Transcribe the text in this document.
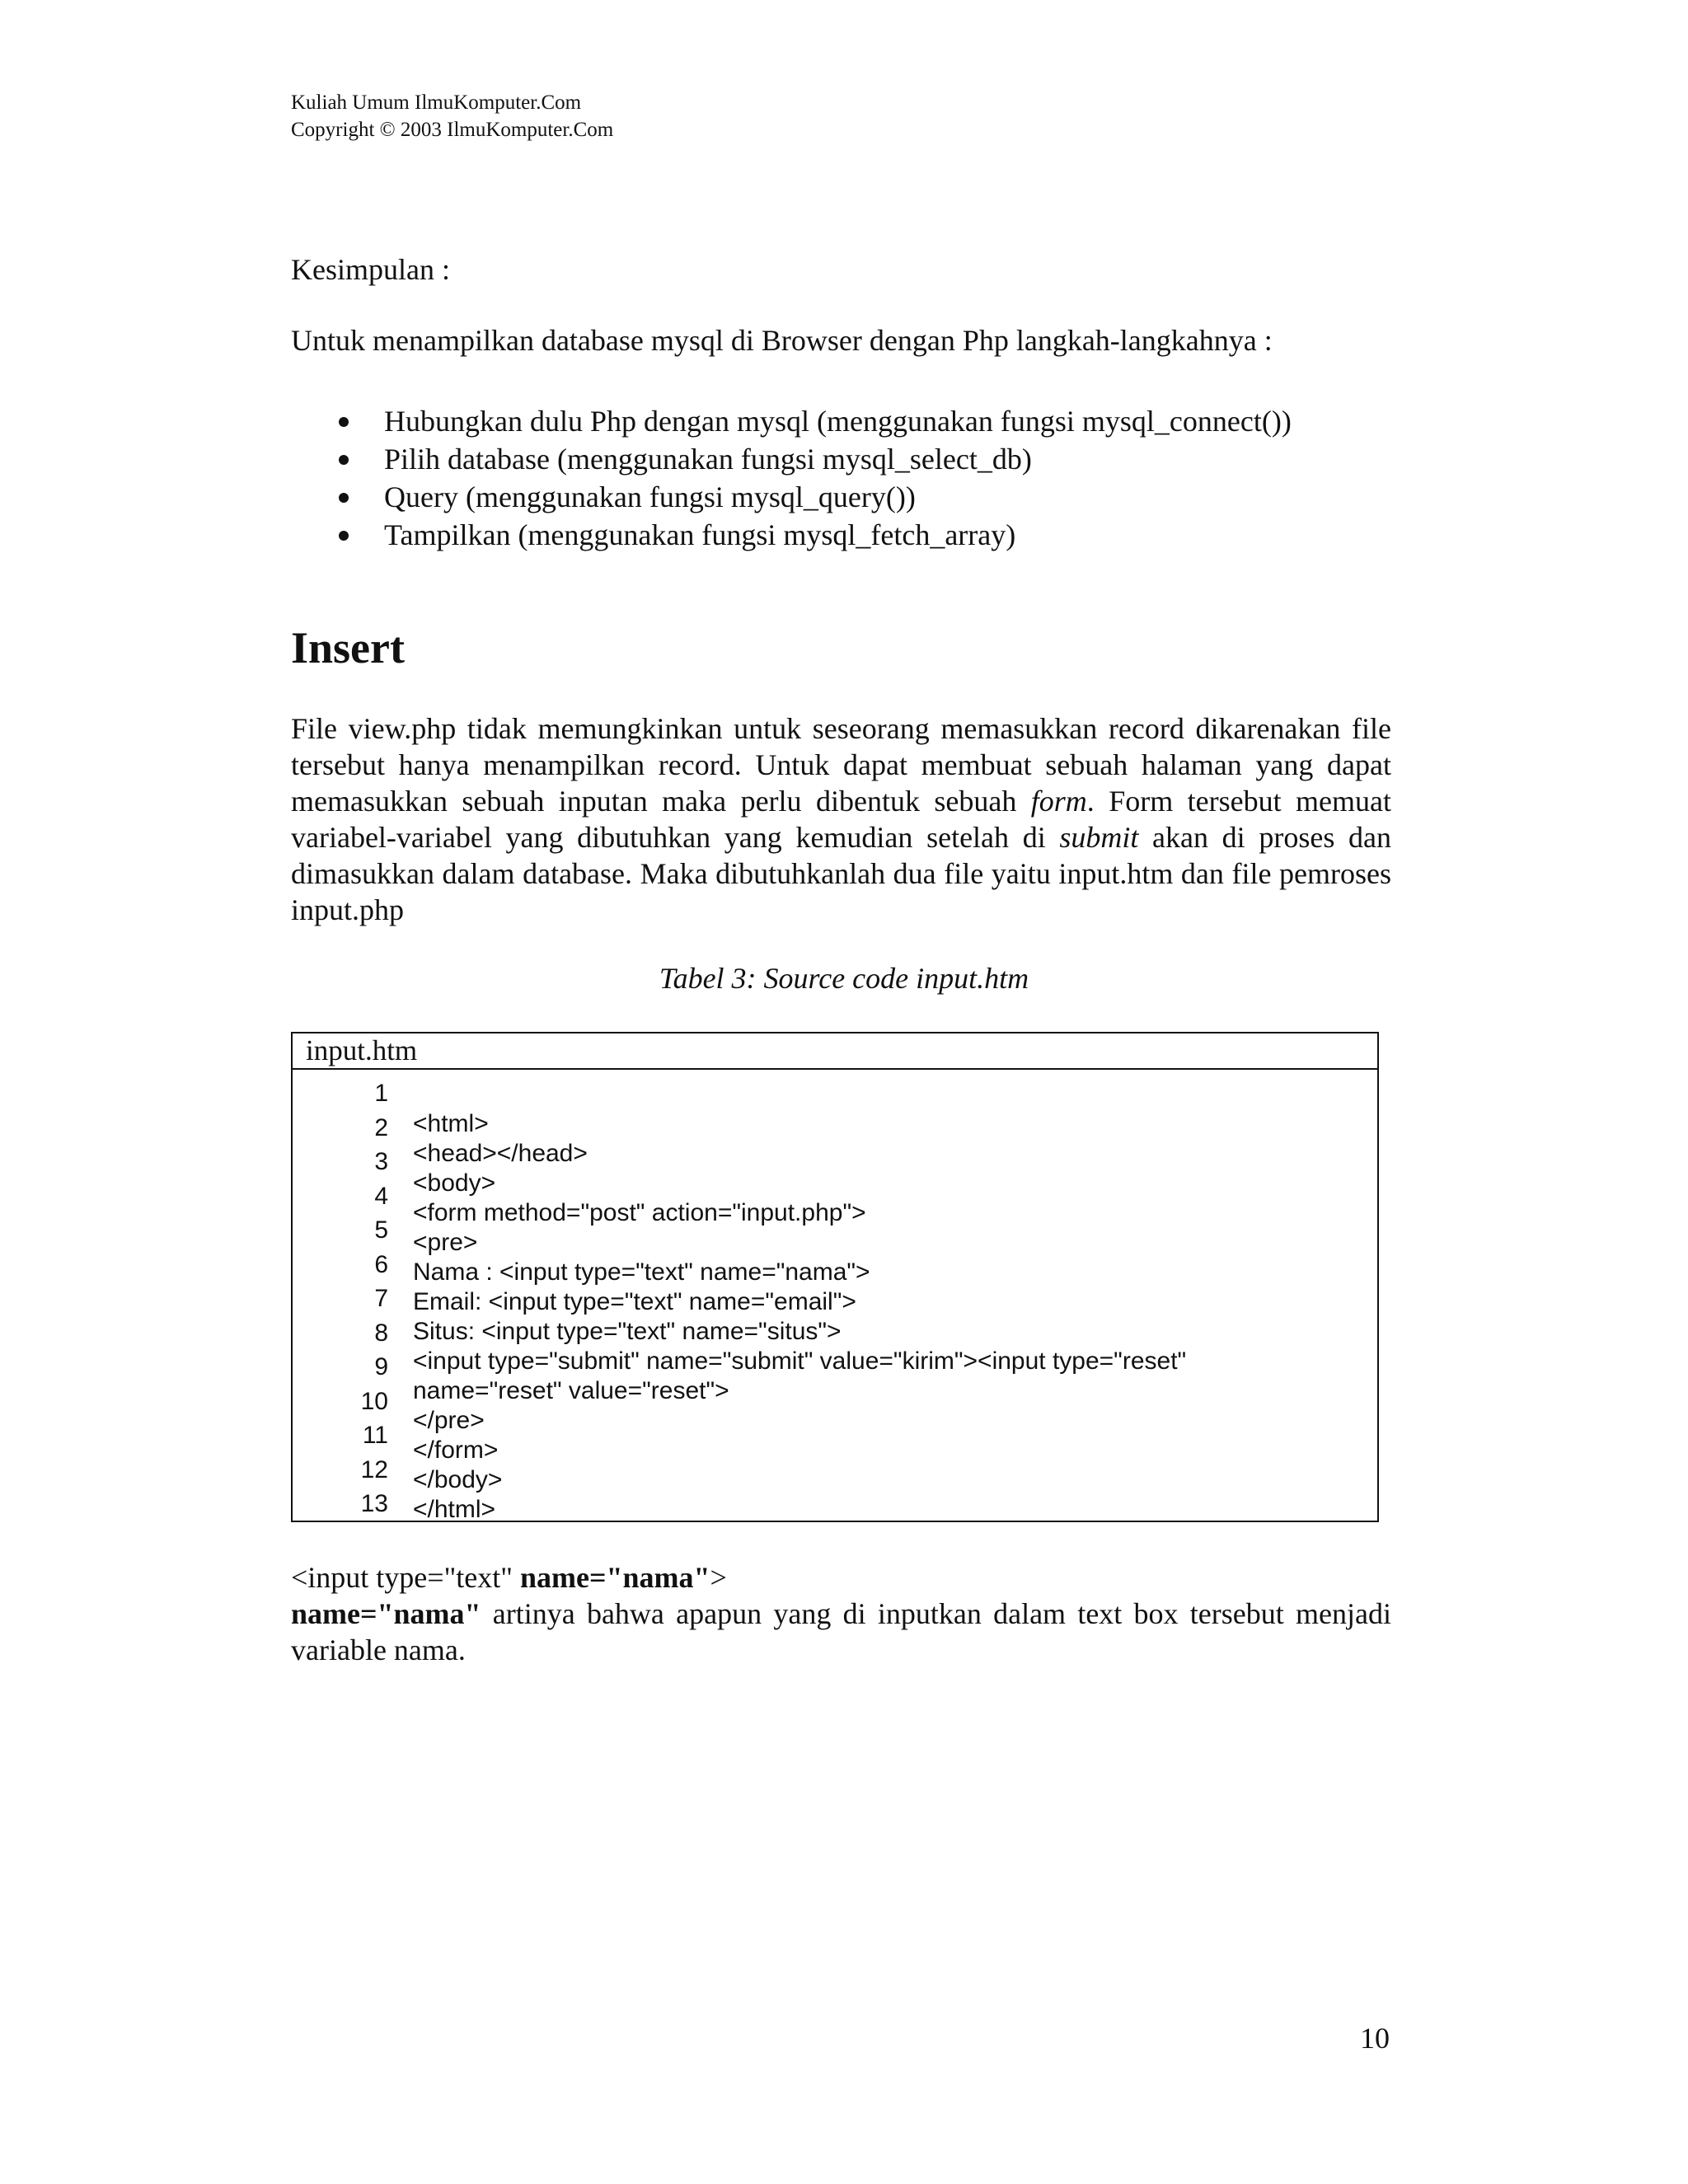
Kuliah Umum IlmuKomputer.Com
Copyright © 2003 IlmuKomputer.Com
Kesimpulan :
Untuk menampilkan database mysql di Browser dengan Php langkah-langkahnya :
Hubungkan dulu Php dengan mysql (menggunakan fungsi mysql_connect())
Pilih database (menggunakan fungsi mysql_select_db)
Query (menggunakan fungsi mysql_query())
Tampilkan (menggunakan fungsi mysql_fetch_array)
Insert
File view.php tidak memungkinkan untuk seseorang memasukkan record dikarenakan file tersebut hanya menampilkan record. Untuk dapat membuat sebuah halaman yang dapat memasukkan sebuah inputan maka perlu dibentuk sebuah form. Form tersebut memuat variabel-variabel yang dibutuhkan yang kemudian setelah di submit akan di proses dan dimasukkan dalam database. Maka dibutuhkanlah dua file yaitu input.htm dan file pemroses input.php
Tabel 3: Source code input.htm
input.htm
1
2
3
4
5
6
7
8
9
10
11
12
13
<html>
<head></head>
<body>
<form method="post" action="input.php">
<pre>
Nama : <input type="text" name="nama">
Email: <input type="text" name="email">
Situs: <input type="text" name="situs">
<input type="submit" name="submit" value="kirim"><input type="reset"
name="reset" value="reset">
</pre>
</form>
</body>
</html>
<input type="text" name="nama">
name="nama" artinya bahwa apapun yang di inputkan dalam text box tersebut menjadi variable nama.
10
